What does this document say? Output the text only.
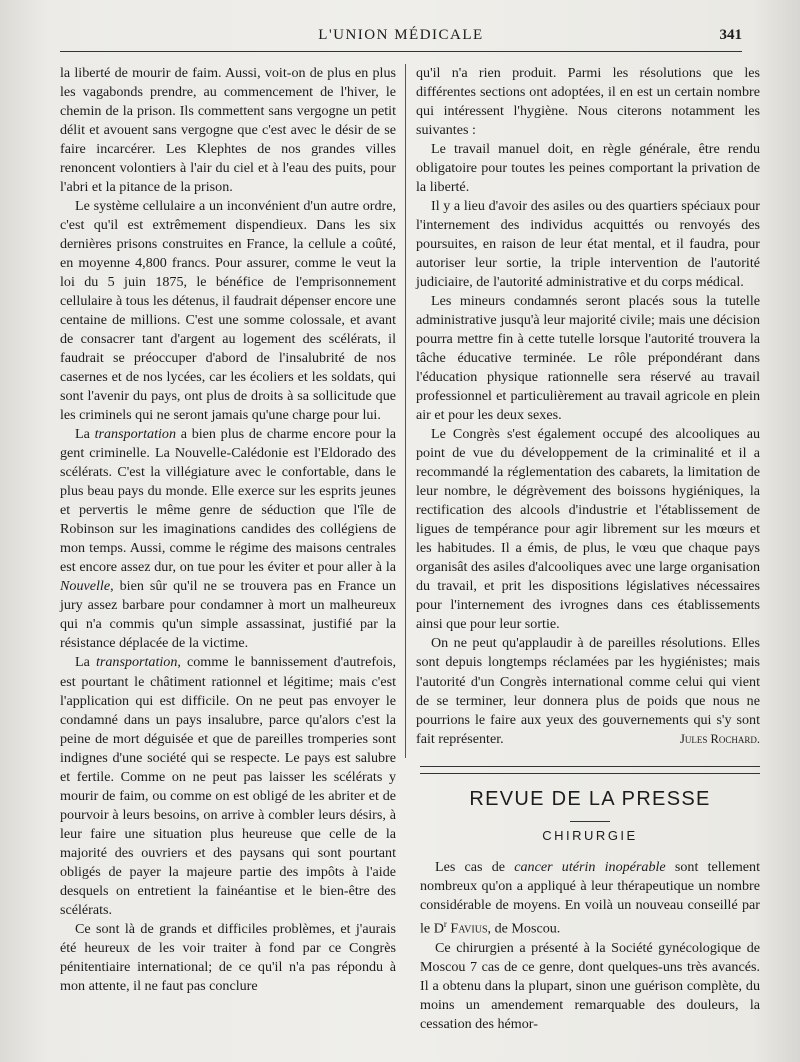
L'UNION MÉDICALE	341

la liberté de mourir de faim. Aussi, voit-on de plus en plus les vagabonds prendre, au commencement de l'hiver, le chemin de la prison. Ils commettent sans vergogne un petit délit et avouent sans vergogne que c'est avec le désir de se faire incarcérer. Les Klephtes de nos grandes villes renoncent volontiers à l'air du ciel et à l'eau des puits, pour l'abri et la pitance de la prison.

Le système cellulaire a un inconvénient d'un autre ordre, c'est qu'il est extrêmement dispendieux. Dans les six dernières prisons construites en France, la cellule a coûté, en moyenne 4,800 francs. Pour assurer, comme le veut la loi du 5 juin 1875, le bénéfice de l'emprisonnement cellulaire à tous les détenus, il faudrait dépenser encore une centaine de millions. C'est une somme colossale, et avant de consacrer tant d'argent au logement des scélérats, il faudrait se préoccuper d'abord de l'insalubrité de nos casernes et de nos lycées, car les écoliers et les soldats, qui sont l'avenir du pays, ont plus de droits à sa sollicitude que les criminels qui ne seront jamais qu'une charge pour lui.

La transportation a bien plus de charme encore pour la gent criminelle. La Nouvelle-Calédonie est l'Eldorado des scélérats. C'est la villégiature avec le confortable, dans le plus beau pays du monde. Elle exerce sur les esprits jeunes et pervertis le même genre de séduction que l'île de Robinson sur les imaginations candides des collégiens de mon temps. Aussi, comme le régime des maisons centrales est encore assez dur, on tue pour les éviter et pour aller à la Nouvelle, bien sûr qu'il ne se trouvera pas en France un jury assez barbare pour condamner à mort un malheureux qui n'a commis qu'un simple assassinat, justifié par la résistance déplacée de la victime.

La transportation, comme le bannissement d'autrefois, est pourtant le châtiment rationnel et légitime; mais c'est l'application qui est difficile. On ne peut pas envoyer le condamné dans un pays insalubre, parce qu'alors c'est la peine de mort déguisée et que de pareilles tromperies sont indignes d'une société qui se respecte. Le pays est salubre et fertile. Comme on ne peut pas laisser les scélérats y mourir de faim, ou comme on est obligé de les abriter et de pourvoir à leurs besoins, on arrive à combler leurs désirs, à leur faire une situation plus heureuse que celle de la majorité des ouvriers et des paysans qui sont pourtant obligés de payer la majeure partie des impôts à l'aide desquels on entretient la fainéantise et le bien-être des scélérats.

Ce sont là de grands et difficiles problèmes, et j'aurais été heureux de les voir traiter à fond par ce Congrès pénitentiaire international; de ce qu'il n'a pas répondu à mon attente, il ne faut pas conclure

qu'il n'a rien produit. Parmi les résolutions que les différentes sections ont adoptées, il en est un certain nombre qui intéressent l'hygiène. Nous citerons notamment les suivantes :

Le travail manuel doit, en règle générale, être rendu obligatoire pour toutes les peines comportant la privation de la liberté.

Il y a lieu d'avoir des asiles ou des quartiers spéciaux pour l'internement des individus acquittés ou renvoyés des poursuites, en raison de leur état mental, et il faudra, pour autoriser leur sortie, la triple intervention de l'autorité judiciaire, de l'autorité administrative et du corps médical.

Les mineurs condamnés seront placés sous la tutelle administrative jusqu'à leur majorité civile; mais une décision pourra mettre fin à cette tutelle lorsque l'autorité trouvera la tâche éducative terminée. Le rôle prépondérant dans l'éducation physique rationnelle sera réservé au travail professionnel et particulièrement au travail agricole en plein air et pour les deux sexes.

Le Congrès s'est également occupé des alcooliques au point de vue du développement de la criminalité et il a recommandé la réglementation des cabarets, la limitation de leur nombre, le dégrèvement des boissons hygiéniques, la rectification des alcools d'industrie et l'établissement de ligues de tempérance pour agir librement sur les mœurs et les habitudes. Il a émis, de plus, le vœu que chaque pays organisât des asiles d'alcooliques avec une large organisation du travail, et prit les dispositions législatives nécessaires pour l'internement des ivrognes dans ces établissements ainsi que pour leur sortie.

On ne peut qu'applaudir à de pareilles résolutions. Elles sont depuis longtemps réclamées par les hygiénistes; mais l'autorité d'un Congrès international comme celui qui vient de se terminer, leur donnera plus de poids que nous ne pourrions le faire aux yeux des gouvernements qui s'y sont fait représenter.	Jules Rochard.

REVUE DE LA PRESSE
CHIRURGIE

Les cas de cancer utérin inopérable sont tellement nombreux qu'on a appliqué à leur thérapeutique un nombre considérable de moyens. En voilà un nouveau conseillé par le $D^r$ Favius, de Moscou.

Ce chirurgien a présenté à la Société gynécologique de Moscou 7 cas de ce genre, dont quelques-uns très avancés. Il a obtenu dans la plupart, sinon une guérison complète, du moins un amendement remarquable des douleurs, la cessation des hémor-
